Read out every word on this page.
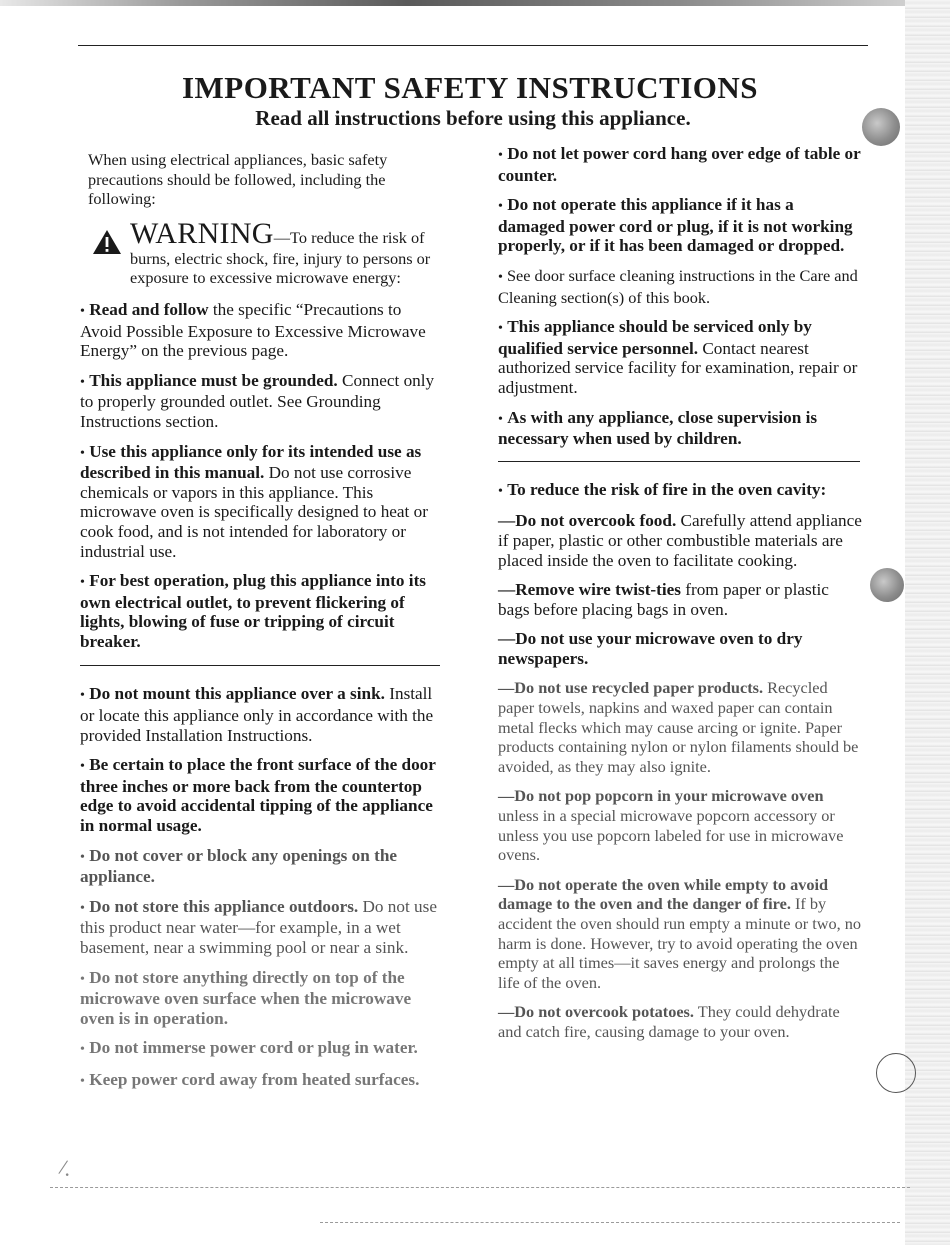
IMPORTANT SAFETY INSTRUCTIONS
Read all instructions before using this appliance.

When using electrical appliances, basic safety precautions should be followed, including the following:

WARNING—To reduce the risk of burns, electric shock, fire, injury to persons or exposure to excessive microwave energy:

• Read and follow the specific “Precautions to Avoid Possible Exposure to Excessive Microwave Energy” on the previous page.

• This appliance must be grounded. Connect only to properly grounded outlet. See Grounding Instructions section.

• Use this appliance only for its intended use as described in this manual. Do not use corrosive chemicals or vapors in this appliance. This microwave oven is specifically designed to heat or cook food, and is not intended for laboratory or industrial use.

• For best operation, plug this appliance into its own electrical outlet, to prevent flickering of lights, blowing of fuse or tripping of circuit breaker.

• Do not mount this appliance over a sink. Install or locate this appliance only in accordance with the provided Installation Instructions.

• Be certain to place the front surface of the door three inches or more back from the countertop edge to avoid accidental tipping of the appliance in normal usage.

• Do not cover or block any openings on the appliance.

• Do not store this appliance outdoors. Do not use this product near water—for example, in a wet basement, near a swimming pool or near a sink.

• Do not store anything directly on top of the microwave oven surface when the microwave oven is in operation.

• Do not immerse power cord or plug in water.

• Keep power cord away from heated surfaces.

• Do not let power cord hang over edge of table or counter.

• Do not operate this appliance if it has a damaged power cord or plug, if it is not working properly, or if it has been damaged or dropped.

• See door surface cleaning instructions in the Care and Cleaning section(s) of this book.

• This appliance should be serviced only by qualified service personnel. Contact nearest authorized service facility for examination, repair or adjustment.

• As with any appliance, close supervision is necessary when used by children.

• To reduce the risk of fire in the oven cavity:

—Do not overcook food. Carefully attend appliance if paper, plastic or other combustible materials are placed inside the oven to facilitate cooking.

—Remove wire twist-ties from paper or plastic bags before placing bags in oven.

—Do not use your microwave oven to dry newspapers.

—Do not use recycled paper products. Recycled paper towels, napkins and waxed paper can contain metal flecks which may cause arcing or ignite. Paper products containing nylon or nylon filaments should be avoided, as they may also ignite.

—Do not pop popcorn in your microwave oven unless in a special microwave popcorn accessory or unless you use popcorn labeled for use in microwave ovens.

—Do not operate the oven while empty to avoid damage to the oven and the danger of fire. If by accident the oven should run empty a minute or two, no harm is done. However, try to avoid operating the oven empty at all times—it saves energy and prolongs the life of the oven.

—Do not overcook potatoes. They could dehydrate and catch fire, causing damage to your oven.

/.
